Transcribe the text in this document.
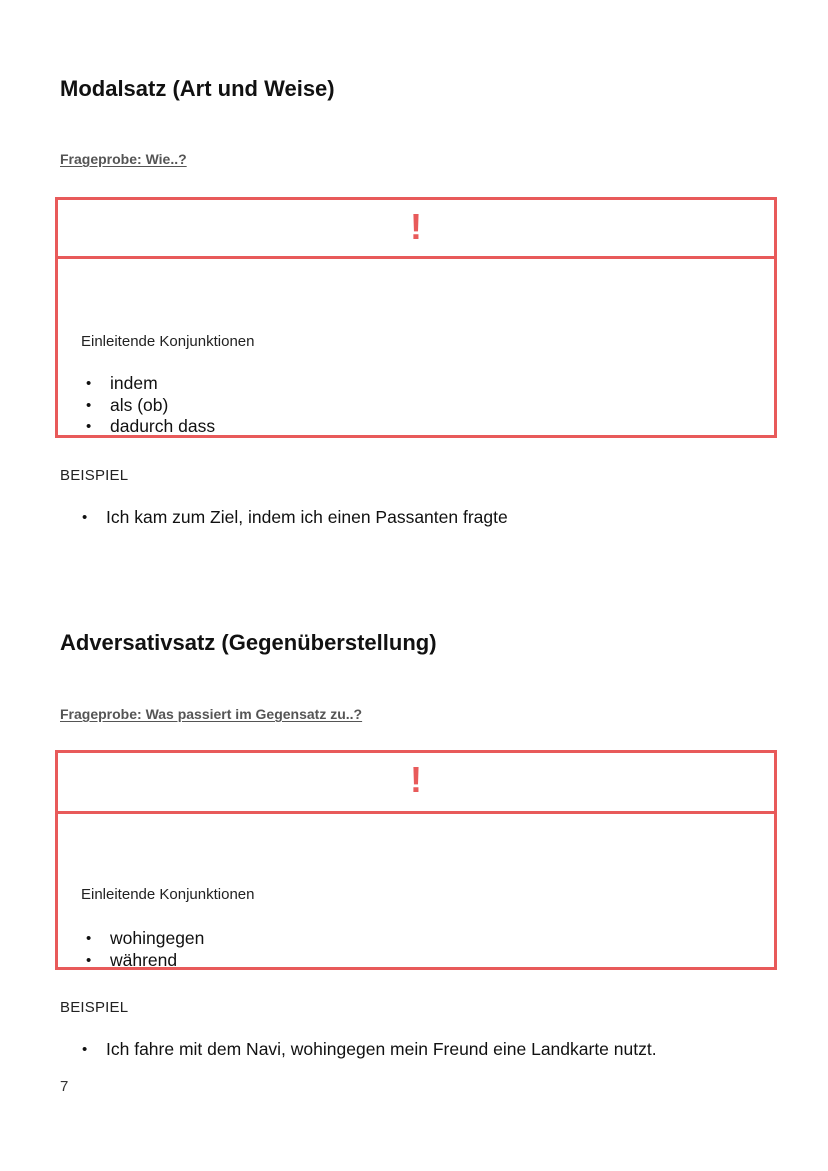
Modalsatz (Art und Weise)
Frageprobe: Wie..?
!
Einleitende Konjunktionen
• indem
• als (ob)
• dadurch dass
BEISPIEL
• Ich kam zum Ziel, indem ich einen Passanten fragte
Adversativsatz (Gegenüberstellung)
Frageprobe: Was passiert im Gegensatz zu..?
!
Einleitende Konjunktionen
• wohingegen
• während
BEISPIEL
• Ich fahre mit dem Navi, wohingegen mein Freund eine Landkarte nutzt.
7
